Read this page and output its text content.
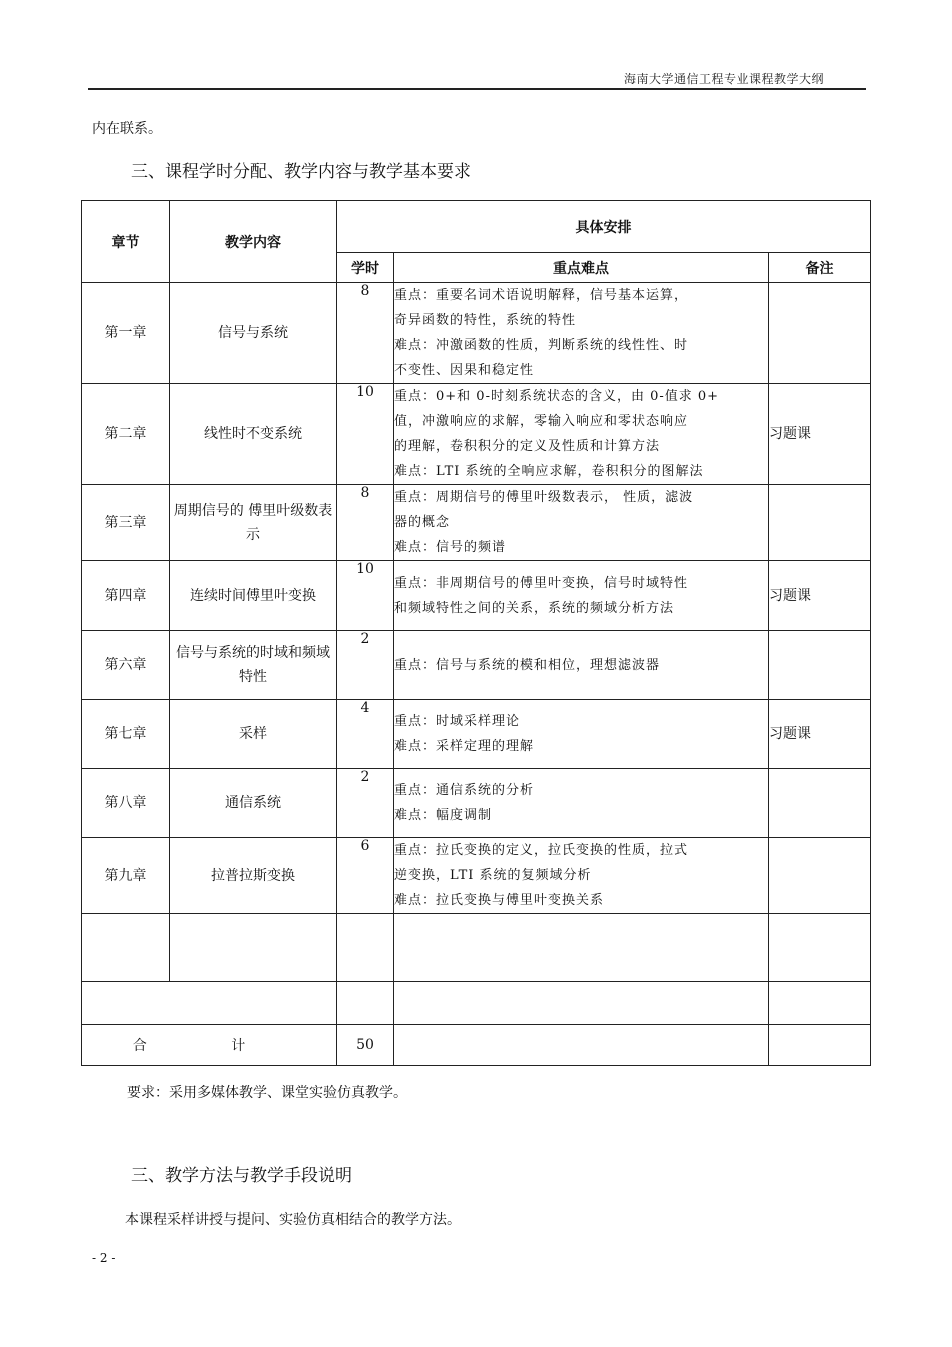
海南大学通信工程专业课程教学大纲
内在联系。
三、课程学时分配、教学内容与教学基本要求
章节	教学内容	具体安排		
		学时	重点难点	备注
第一章	信号与系统	8	重点：重要名词术语说明解释，信号基本运算，
奇异函数的特性，系统的特性
难点：冲激函数的性质，判断系统的线性性、时
不变性、因果和稳定性	

第二章	线性时不变系统	10	重点：0+和 0-时刻系统状态的含义，由 0-值求 0+
值，冲激响应的求解，零输入响应和零状态响应
的理解，卷积积分的定义及性质和计算方法
难点：LTI 系统的全响应求解，卷积积分的图解法	习题课
第三章	周期信号的 傅里叶级数表示	8	重点：周期信号的傅里叶级数表示， 性质，滤波
器的概念
难点：信号的频谱	

第四章	连续时间傅里叶变换	10	重点：非周期信号的傅里叶变换，信号时域特性
和频域特性之间的关系，系统的频域分析方法	习题课
第六章	信号与系统的时域和频域特性	2	重点：信号与系统的模和相位，理想滤波器	

第七章	采样	4	重点：时域采样理论
难点：采样定理的理解	习题课
第八章	通信系统	2	重点：通信系统的分析
难点：幅度调制	

第九章	拉普拉斯变换	6	重点：拉氏变换的定义，拉氏变换的性质，拉式
逆变换，LTI 系统的复频域分析
难点：拉氏变换与傅里叶变换关系	

合 计		50		
要求：采用多媒体教学、课堂实验仿真教学。
三、教学方法与教学手段说明
本课程采样讲授与提问、实验仿真相结合的教学方法。
- 2 -
